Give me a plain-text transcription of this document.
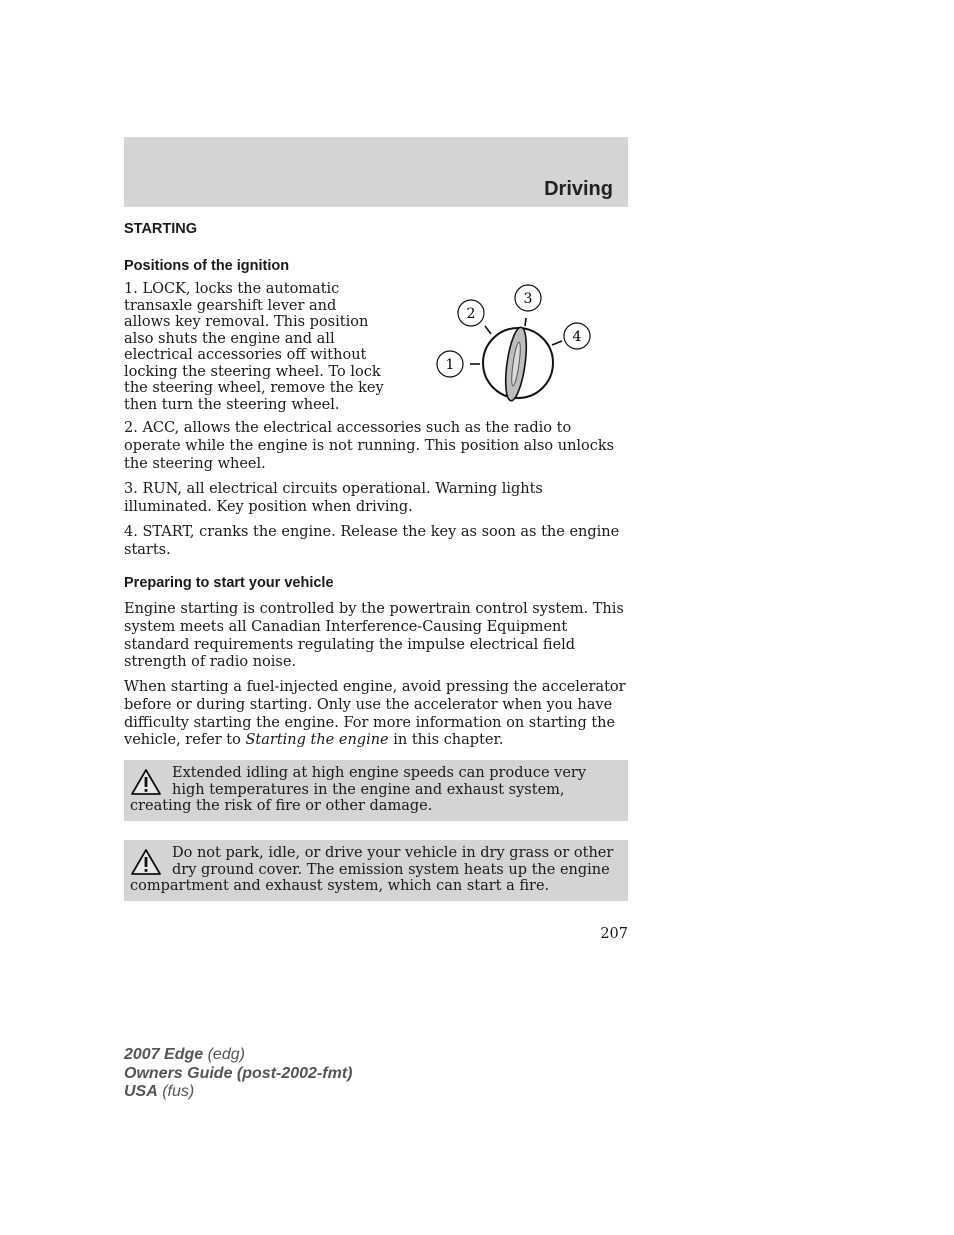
Driving
STARTING
Positions of the ignition

1. LOCK, locks the automatic transaxle gearshift lever and allows key removal. This position also shuts the engine and all electrical accessories off without locking the steering wheel. To lock the steering wheel, remove the key then turn the steering wheel.

1
2
3
4

2. ACC, allows the electrical accessories such as the radio to operate while the engine is not running. This position also unlocks the steering wheel.

3. RUN, all electrical circuits operational. Warning lights illuminated. Key position when driving.

4. START, cranks the engine. Release the key as soon as the engine starts.

Preparing to start your vehicle

Engine starting is controlled by the powertrain control system. This system meets all Canadian Interference-Causing Equipment standard requirements regulating the impulse electrical field strength of radio noise.

When starting a fuel-injected engine, avoid pressing the accelerator before or during starting. Only use the accelerator when you have difficulty starting the engine. For more information on starting the vehicle, refer to Starting the engine in this chapter.

Extended idling at high engine speeds can produce very high temperatures in the engine and exhaust system, creating the risk of fire or other damage.

Do not park, idle, or drive your vehicle in dry grass or other dry ground cover. The emission system heats up the engine compartment and exhaust system, which can start a fire.

207
2007 Edge (edg)
Owners Guide (post-2002-fmt)
USA (fus)
